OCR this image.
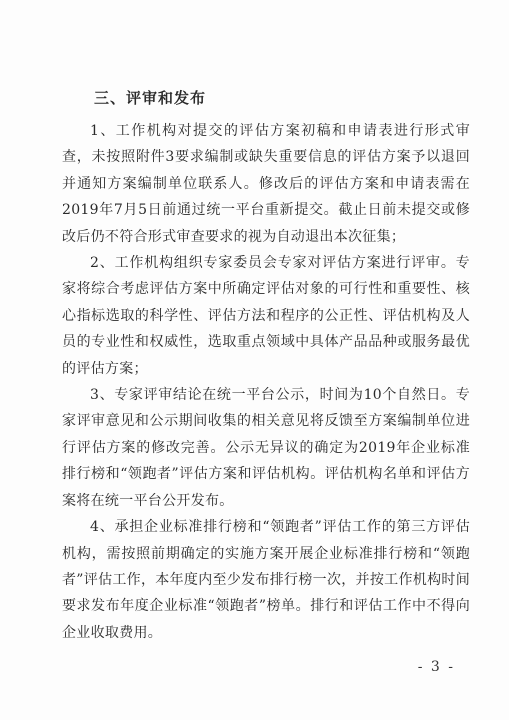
三、评审和发布

1、工作机构对提交的评估方案初稿和申请表进行形式审查，未按照附件3要求编制或缺失重要信息的评估方案予以退回并通知方案编制单位联系人。修改后的评估方案和申请表需在2019年7月5日前通过统一平台重新提交。截止日前未提交或修改后仍不符合形式审查要求的视为自动退出本次征集；

2、工作机构组织专家委员会专家对评估方案进行评审。专家将综合考虑评估方案中所确定评估对象的可行性和重要性、核心指标选取的科学性、评估方法和程序的公正性、评估机构及人员的专业性和权威性，选取重点领域中具体产品品种或服务最优的评估方案；

3、专家评审结论在统一平台公示，时间为10个自然日。专家评审意见和公示期间收集的相关意见将反馈至方案编制单位进行评估方案的修改完善。公示无异议的确定为2019年企业标准排行榜和“领跑者”评估方案和评估机构。评估机构名单和评估方案将在统一平台公开发布。

4、承担企业标准排行榜和“领跑者”评估工作的第三方评估机构，需按照前期确定的实施方案开展企业标准排行榜和“领跑者”评估工作，本年度内至少发布排行榜一次，并按工作机构时间要求发布年度企业标准“领跑者”榜单。排行和评估工作中不得向企业收取费用。

- 3 -
